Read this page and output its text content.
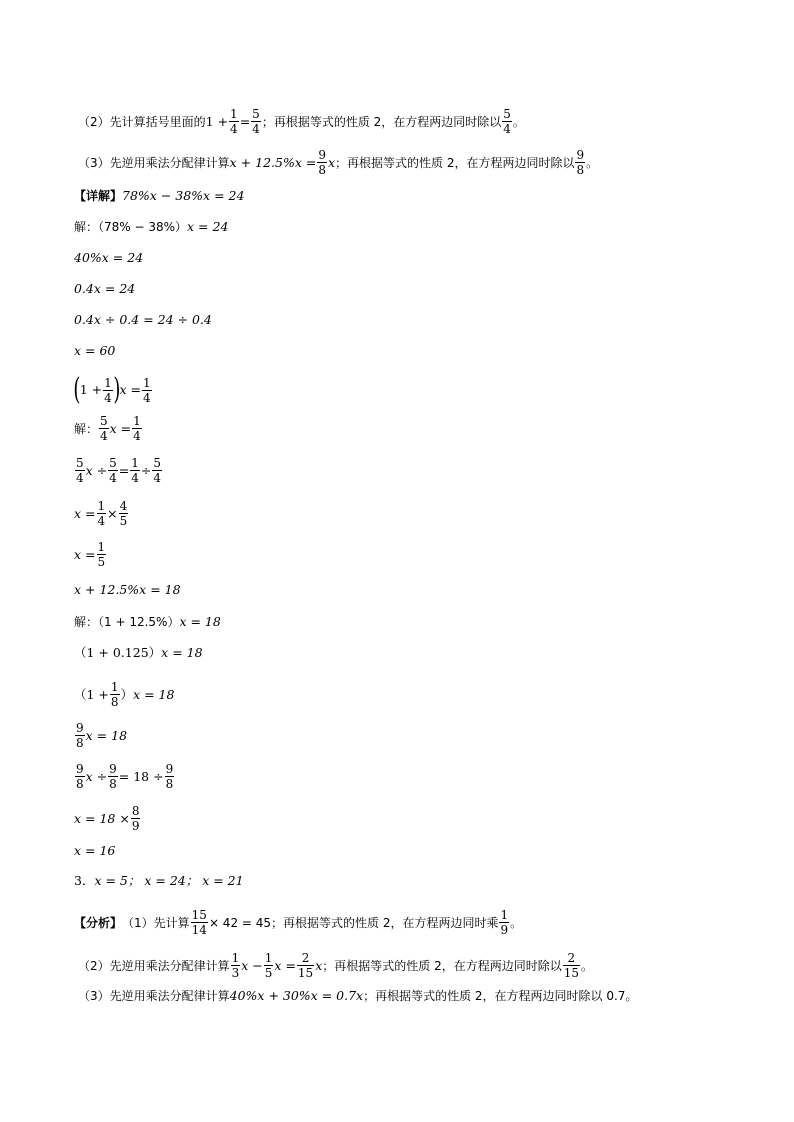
（2）先计算括号里面的 $1 + \frac{1}{4} = \frac{5}{4}$ ；再根据等式的性质 2，在方程两边同时除以 $\frac{5}{4}$ 。
（3）先逆用乘法分配律计算 $x + 12.5\%x = \frac{9}{8}$ x ；再根据等式的性质 2，在方程两边同时除以 $\frac{9}{8}$ 。
【详解】 78%x − 38%x = 24
解：（78% − 38%） x = 24
40%x = 24
0.4x = 24
0.4x ÷ 0.4 = 24 ÷ 0.4
x = 60
( $1 + \frac{1}{4}$ ) $x = \frac{1}{4}$
解： $\frac{5}{4}$ $x = \frac{1}{4}$
$\frac{5}{4}$ $x \div \frac{5}{4} = \frac{1}{4} \div \frac{5}{4}$
$x = \frac{1}{4} \times \frac{4}{5}$
$x = \frac{1}{5}$
x + 12.5%x = 18
解：（1 + 12.5%） x = 18
（1 + 0.125） x = 18
（$1 + \frac{1}{8}$ ） x = 18
$\frac{9}{8}$ x = 18
$\frac{9}{8}$ $x \div \frac{9}{8} = 18 \div \frac{9}{8}$
$x = 18 \times \frac{8}{9}$
x = 16
3． x = 5； x = 24； x = 21
【分析】 （1）先计算 $\frac{15}{14} \times 42 = 45$；再根据等式的性质 2，在方程两边同时乘 $\frac{1}{9}$ 。
（2）先逆用乘法分配律计算 $\frac{1}{3}$ $x - \frac{1}{5}$ $x = \frac{2}{15}$ x ；再根据等式的性质 2，在方程两边同时除以 $\frac{2}{15}$ 。
（3）先逆用乘法分配律计算 40%x + 30%x = 0.7x ；再根据等式的性质 2，在方程两边同时除以 0.7。
